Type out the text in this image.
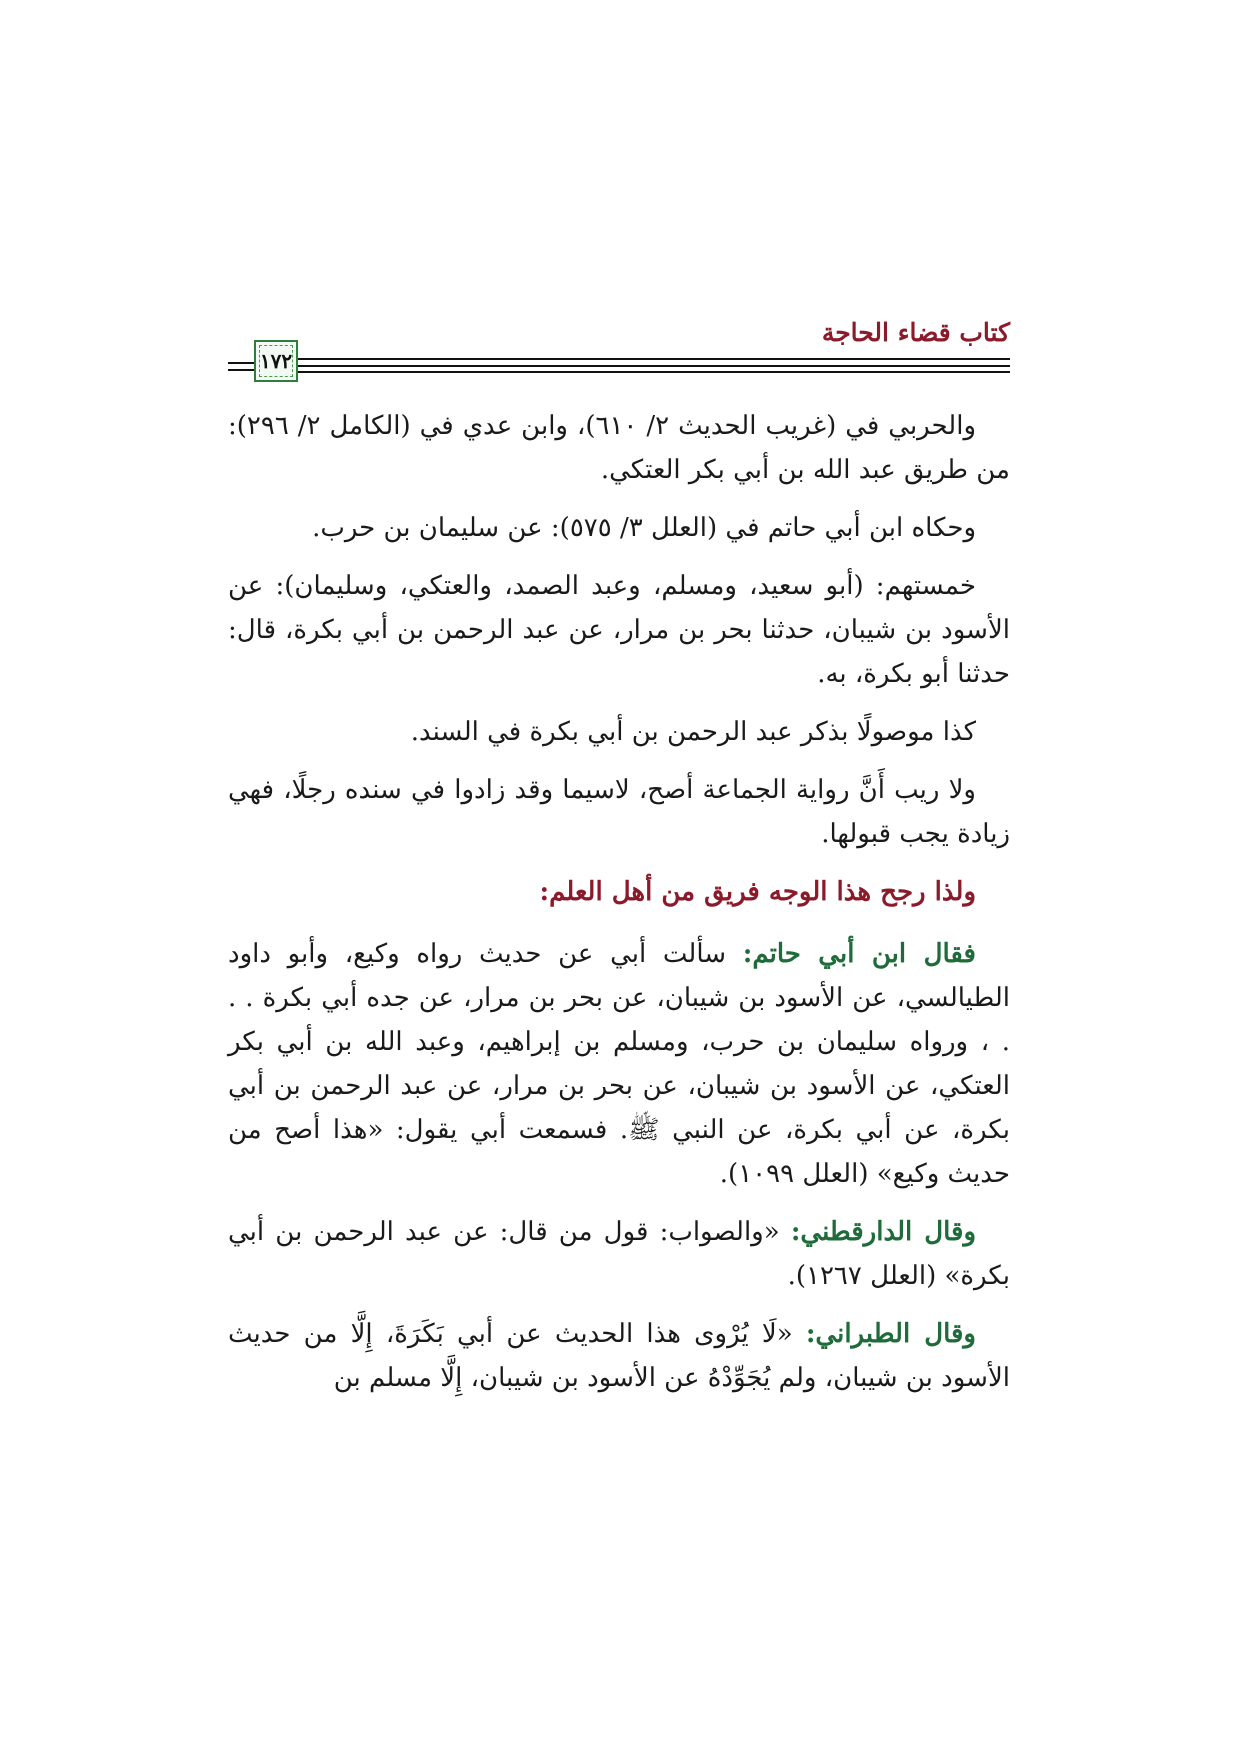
كتاب قضاء الحاجة
١٧٢

والحربي في (غريب الحديث ٢/ ٦١٠)، وابن عدي في (الكامل ٢/ ٢٩٦): من طريق عبد الله بن أبي بكر العتكي.

وحكاه ابن أبي حاتم في (العلل ٣/ ٥٧٥): عن سليمان بن حرب.

خمستهم: (أبو سعيد، ومسلم، وعبد الصمد، والعتكي، وسليمان): عن الأسود بن شيبان، حدثنا بحر بن مرار، عن عبد الرحمن بن أبي بكرة، قال: حدثنا أبو بكرة، به.

كذا موصولًا بذكر عبد الرحمن بن أبي بكرة في السند.

ولا ريب أَنَّ رواية الجماعة أصح، لاسيما وقد زادوا في سنده رجلًا، فهي زيادة يجب قبولها.

ولذا رجح هذا الوجه فريق من أهل العلم:

فقال ابن أبي حاتم: سألت أبي عن حديث رواه وكيع، وأبو داود الطيالسي، عن الأسود بن شيبان، عن بحر بن مرار، عن جده أبي بكرة . . . ، ورواه سليمان بن حرب، ومسلم بن إبراهيم، وعبد الله بن أبي بكر العتكي، عن الأسود بن شيبان، عن بحر بن مرار، عن عبد الرحمن بن أبي بكرة، عن أبي بكرة، عن النبي ﷺ. فسمعت أبي يقول: «هذا أصح من حديث وكيع» (العلل ١٠٩٩).

وقال الدارقطني: «والصواب: قول من قال: عن عبد الرحمن بن أبي بكرة» (العلل ١٢٦٧).

وقال الطبراني: «لَا يُرْوى هذا الحديث عن أبي بَكَرَةَ، إِلَّا من حديث الأسود بن شيبان، ولم يُجَوِّدْهُ عن الأسود بن شيبان، إِلَّا مسلم بن
